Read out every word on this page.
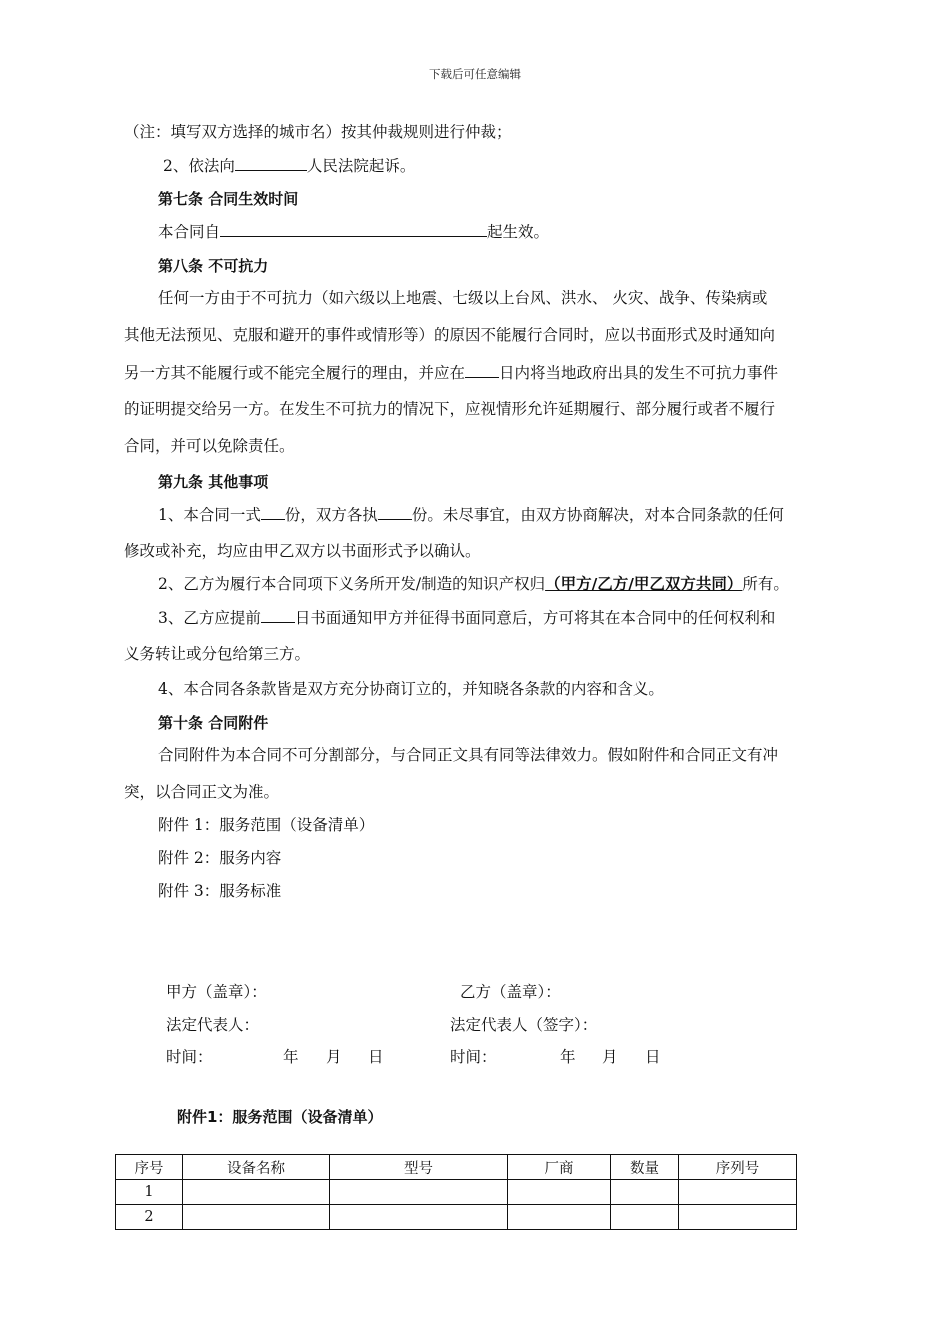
下载后可任意编辑
（注：填写双方选择的城市名）按其仲裁规则进行仲裁；
2、依法向	人民法院起诉。
第七条 合同生效时间
本合同自	起生效。
第八条 不可抗力
任何一方由于不可抗力（如六级以上地震、七级以上台风、洪水、 火灾、战争、传染病或
其他无法预见、克服和避开的事件或情形等）的原因不能履行合同时，应以书面形式及时通知向
另一方其不能履行或不能完全履行的理由，并应在 日内将当地政府出具的发生不可抗力事件
的证明提交给另一方。在发生不可抗力的情况下，应视情形允许延期履行、部分履行或者不履行
合同，并可以免除责任。
第九条 其他事项
1、本合同一式 份，双方各执 份。未尽事宜，由双方协商解决，对本合同条款的任何
修改或补充，均应由甲乙双方以书面形式予以确认。
2、乙方为履行本合同项下义务所开发/制造的知识产权归（甲方/乙方/甲乙双方共同）所有。
3、乙方应提前 日书面通知甲方并征得书面同意后，方可将其在本合同中的任何权利和
义务转让或分包给第三方。
4、本合同各条款皆是双方充分协商订立的，并知晓各条款的内容和含义。
第十条 合同附件
合同附件为本合同不可分割部分，与合同正文具有同等法律效力。假如附件和合同正文有冲
突，以合同正文为准。
附件 1：服务范围（设备清单）
附件 2：服务内容
附件 3：服务标准
甲方（盖章）：	乙方（盖章）：
法定代表人：	法定代表人（签字）：
时间：	年 月 日	时间：	年 月 日
附件1：服务范围（设备清单）
序号	设备名称	型号	厂商	数量	序列号
1					
2					
